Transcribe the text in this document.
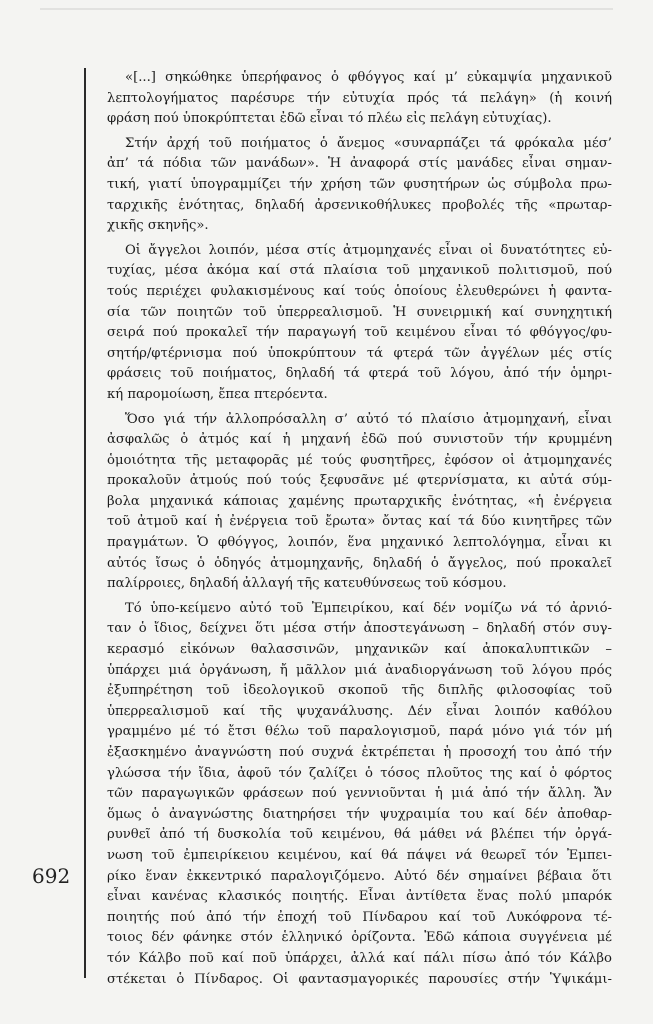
692
«[...] σηκώθηκε ὑπερήφανος ὁ φθόγγος καί μ’ εὐκαμψία μηχανικοῦ
λεπτολογήματος παρέσυρε τήν εὐτυχία πρός τά πελάγη» (ἡ κοινή
φράση πού ὑποκρύπτεται ἐδῶ εἶναι τό πλέω εἰς πελάγη εὐτυχίας).
Στήν ἀρχή τοῦ ποιήματος ὁ ἄνεμος «συναρπάζει τά φρόκαλα μέσ’
ἀπ’ τά πόδια τῶν μανάδων». Ἡ ἀναφορά στίς μανάδες εἶναι σημαν-
τική, γιατί ὑπογραμμίζει τήν χρήση τῶν φυσητήρων ὡς σύμβολα πρω-
ταρχικῆς ἑνότητας, δηλαδή ἀρσενικοθήλυκες προβολές τῆς «πρωταρ-
χικῆς σκηνῆς».
Οἱ ἄγγελοι λοιπόν, μέσα στίς ἀτμομηχανές εἶναι οἱ δυνατότητες εὐ-
τυχίας, μέσα ἀκόμα καί στά πλαίσια τοῦ μηχανικοῦ πολιτισμοῦ, πού
τούς περιέχει φυλακισμένους καί τούς ὁποίους ἐλευθερώνει ἡ φαντα-
σία τῶν ποιητῶν τοῦ ὑπερρεαλισμοῦ. Ἡ συνειρμική καί συνηχητική
σειρά πού προκαλεῖ τήν παραγωγή τοῦ κειμένου εἶναι τό φθόγγος/φυ-
σητήρ/φτέρνισμα πού ὑποκρύπτουν τά φτερά τῶν ἀγγέλων μές στίς
φράσεις τοῦ ποιήματος, δηλαδή τά φτερά τοῦ λόγου, ἀπό τήν ὁμηρι-
κή παρομοίωση, ἔπεα πτερόεντα.
Ὅσο γιά τήν ἀλλοπρόσαλλη σ’ αὐτό τό πλαίσιο ἀτμομηχανή, εἶναι
ἀσφαλῶς ὁ ἀτμός καί ἡ μηχανή ἐδῶ πού συνιστοῦν τήν κρυμμένη
ὁμοιότητα τῆς μεταφορᾶς μέ τούς φυσητῆρες, ἐφόσον οἱ ἀτμομηχανές
προκαλοῦν ἀτμούς πού τούς ξεφυσᾶνε μέ φτερνίσματα, κι αὐτά σύμ-
βολα μηχανικά κάποιας χαμένης πρωταρχικῆς ἑνότητας, «ἡ ἐνέργεια
τοῦ ἀτμοῦ καί ἡ ἐνέργεια τοῦ ἔρωτα» ὄντας καί τά δύο κινητῆρες τῶν
πραγμάτων. Ὁ φθόγγος, λοιπόν, ἕνα μηχανικό λεπτολόγημα, εἶναι κι
αὐτός ἴσως ὁ ὁδηγός ἀτμομηχανῆς, δηλαδή ὁ ἄγγελος, πού προκαλεῖ
παλίρροιες, δηλαδή ἀλλαγή τῆς κατευθύνσεως τοῦ κόσμου.
Τό ὑπο-κείμενο αὐτό τοῦ Ἐμπειρίκου, καί δέν νομίζω νά τό ἀρνιό-
ταν ὁ ἴδιος, δείχνει ὅτι μέσα στήν ἀποστεγάνωση – δηλαδή στόν συγ-
κερασμό εἰκόνων θαλασσινῶν, μηχανικῶν καί ἀποκαλυπτικῶν –
ὑπάρχει μιά ὀργάνωση, ἤ μᾶλλον μιά ἀναδιοργάνωση τοῦ λόγου πρός
ἐξυπηρέτηση τοῦ ἰδεολογικοῦ σκοποῦ τῆς διπλῆς φιλοσοφίας τοῦ
ὑπερρεαλισμοῦ καί τῆς ψυχανάλυσης. Δέν εἶναι λοιπόν καθόλου
γραμμένο μέ τό ἔτσι θέλω τοῦ παραλογισμοῦ, παρά μόνο γιά τόν μή
ἐξασκημένο ἀναγνώστη πού συχνά ἐκτρέπεται ἡ προσοχή του ἀπό τήν
γλώσσα τήν ἴδια, ἀφοῦ τόν ζαλίζει ὁ τόσος πλοῦτος της καί ὁ φόρτος
τῶν παραγωγικῶν φράσεων πού γεννιοῦνται ἡ μιά ἀπό τήν ἄλλη. Ἄν
ὅμως ὁ ἀναγνώστης διατηρήσει τήν ψυχραιμία του καί δέν ἀποθαρ-
ρυνθεῖ ἀπό τή δυσκολία τοῦ κειμένου, θά μάθει νά βλέπει τήν ὀργά-
νωση τοῦ ἐμπειρίκειου κειμένου, καί θά πάψει νά θεωρεῖ τόν Ἐμπει-
ρίκο ἕναν ἐκκεντρικό παραλογιζόμενο. Αὐτό δέν σημαίνει βέβαια ὅτι
εἶναι κανένας κλασικός ποιητής. Εἶναι ἀντίθετα ἕνας πολύ μπαρόκ
ποιητής πού ἀπό τήν ἐποχή τοῦ Πίνδαρου καί τοῦ Λυκόφρονα τέ-
τοιος δέν φάνηκε στόν ἑλληνικό ὁρίζοντα. Ἐδῶ κάποια συγγένεια μέ
τόν Κάλβο ποῦ καί ποῦ ὑπάρχει, ἀλλά καί πάλι πίσω ἀπό τόν Κάλβο
στέκεται ὁ Πίνδαρος. Οἱ φαντασμαγορικές παρουσίες στήν Ὑψικάμι-
